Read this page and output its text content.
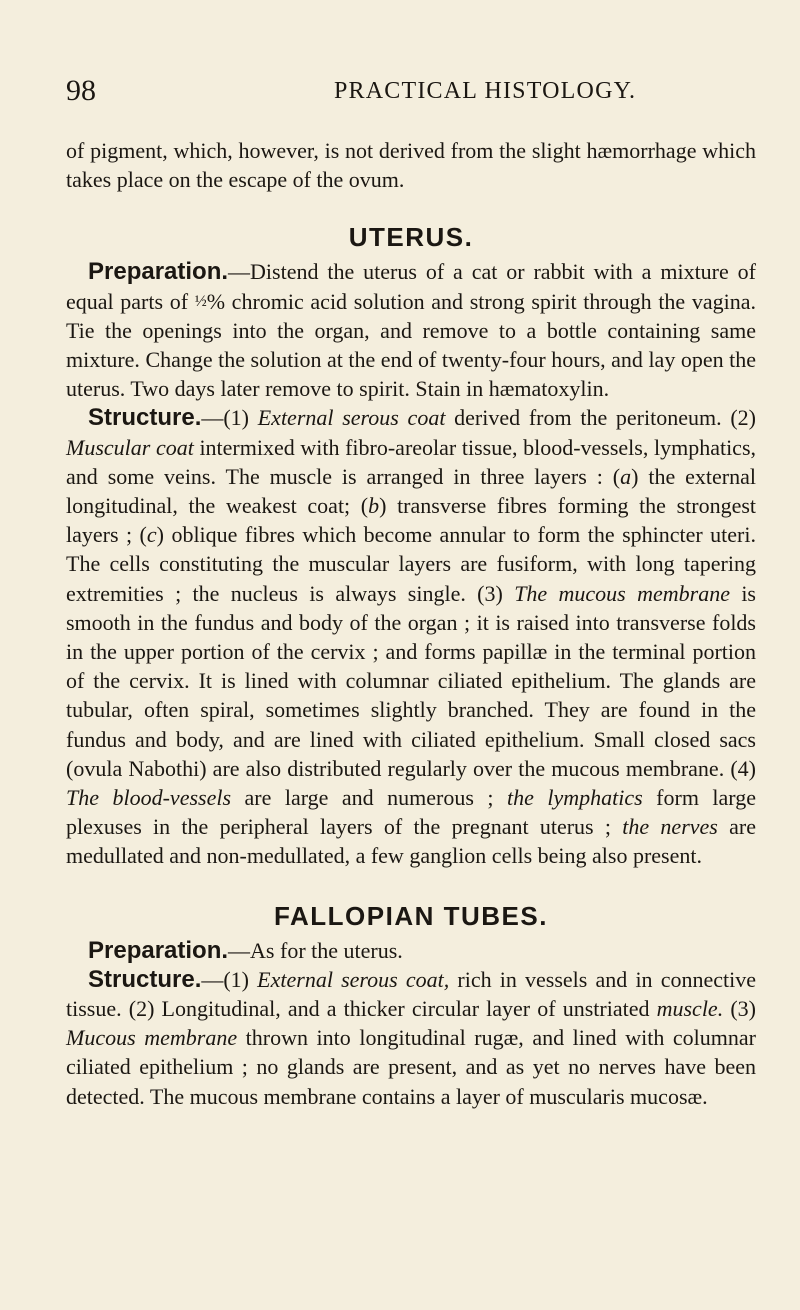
98	PRACTICAL HISTOLOGY.

of pigment, which, however, is not derived from the slight hæmorrhage which takes place on the escape of the ovum.

UTERUS.

Preparation.—Distend the uterus of a cat or rabbit with a mixture of equal parts of ½% chromic acid solution and strong spirit through the vagina. Tie the openings into the organ, and remove to a bottle containing same mixture. Change the solution at the end of twenty-four hours, and lay open the uterus. Two days later remove to spirit. Stain in hæmatoxylin.

Structure.—(1) External serous coat derived from the peritoneum. (2) Muscular coat intermixed with fibro-areolar tissue, blood-vessels, lymphatics, and some veins. The muscle is arranged in three layers : (a) the external longitudinal, the weakest coat; (b) transverse fibres forming the strongest layers ; (c) oblique fibres which become annular to form the sphincter uteri. The cells constituting the muscular layers are fusiform, with long tapering extremities ; the nucleus is always single. (3) The mucous membrane is smooth in the fundus and body of the organ ; it is raised into transverse folds in the upper portion of the cervix ; and forms papillæ in the terminal portion of the cervix. It is lined with columnar ciliated epithelium. The glands are tubular, often spiral, sometimes slightly branched. They are found in the fundus and body, and are lined with ciliated epithelium. Small closed sacs (ovula Nabothi) are also distributed regularly over the mucous membrane. (4) The blood-vessels are large and numerous ; the lymphatics form large plexuses in the peripheral layers of the pregnant uterus ; the nerves are medullated and non-medullated, a few ganglion cells being also present.

FALLOPIAN TUBES.

Preparation.—As for the uterus.

Structure.—(1) External serous coat, rich in vessels and in connective tissue. (2) Longitudinal, and a thicker circular layer of unstriated muscle. (3) Mucous membrane thrown into longitudinal rugæ, and lined with columnar ciliated epithelium ; no glands are present, and as yet no nerves have been detected. The mucous membrane contains a layer of muscularis mucosæ.
